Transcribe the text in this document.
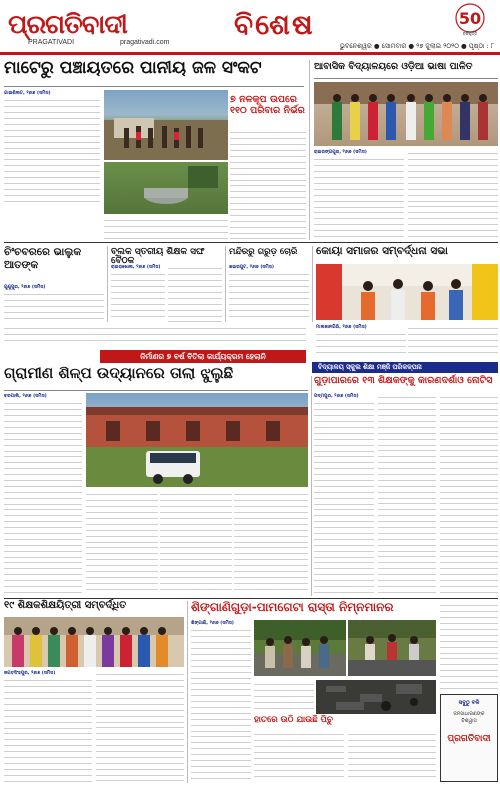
ପ୍ରଗତିବାଦୀ
PRAGATIVADI	pragativadi.com
ବିଶେଷ	50
ବର୍ଷପୂର୍ତ୍ତି
ଭୁବନେଶ୍ୱର ● ସୋମବାର ● ୨୭ ଜୁଲାଇ ୨୦୨୦ ● ପୃଷ୍ଠା : ୮
ମାଟେରୁ ପଞ୍ଚାୟତରେ ପାନୀୟ ଜଳ ସଂକଟ
ଗାଇଶିଲଟ, ୨୬ା୭ (ସମିସ)
୭ ନଳକୂପ ଉପରେ ୧୧୦ ପରିବାର ନିର୍ଭର
ଆବାସିକ ବିଦ୍ୟାଳୟରେ ଓଡ଼ିଆ ଭାଷା ପାଳିତ
ରାଇରଙ୍ଗପୁର, ୨୬ା୭ (ସମିସ)
ଚିଂଚବରରେ ଭାଲୁକ ଆତଙ୍କ
ଗୁଣୁପୁର, ୨୬ା୭ (ସମିସ)
ବ୍ଲକ ସ୍ତରୀୟ ଶିକ୍ଷକ ସଙ୍ଘ ବୈଠକ
ରାଇରାଖୋଲ, ୨୬ା୭ (ସମିସ)
ମନ୍ଦିରରୁ ଗରୁଡ଼ ଚୋରି
ଖଇରପୁଟ, ୨୬ା୭ (ସମିସ)
କୋୟା ସମାଜର ସମ୍ବର୍ଦ୍ଧନା ସଭା
ମାଲକାନଗିରି, ୨୬ା୭ (ସମିସ)
ନିର୍ମାଣର ୭ ବର୍ଷ ବିତିଲା କାର୍ଯ୍ୟକ୍ରମ ହେଲାନି
ବିଦ୍ୟାଳୟ ସ୍କୁଲ ଶିକ୍ଷା ମଞ୍ଜି ପରିକଳ୍ପନା
ଗ୍ରାମୀଣ ଶିଳ୍ପ ଉଦ୍ୟାନରେ ତାଲା ଝୁଲୁଛି
ବରପାଲି, ୨୬ା୭ (ସମିସ)
ଗୁଡ଼ାପାରରେ ୧୩ ଶିକ୍ଷକଙ୍କୁ କାରଣଦର୍ଶାଓ ନୋଟିସ
ପଦ୍ମପୁର, ୨୬ା୭ (ସମିସ)
୧୯ ଶିକ୍ଷକଶିକ୍ଷୟିତ୍ରୀ ସମ୍ବର୍ଦ୍ଧିତ
ଜଗତସିଂହପୁର, ୨୬ା୭ (ସମିସ)
ଶିଙ୍ଗାଣିଗୁଡ଼ା-ପାମଗେଟା ରାସ୍ତା ନିମ୍ନମାନର
ଶିଙ୍ଗାଣି, ୨୬ା୭ (ସମିସ)
ହାତରେ ଉଠି ଯାଉଛି ପିଚୁ
ସବୁଠୁ ବଳି
ଜନସାଧାରଣଙ୍କ ବିଶ୍ୱାସ
ପ୍ରଗତିବାଦୀ
